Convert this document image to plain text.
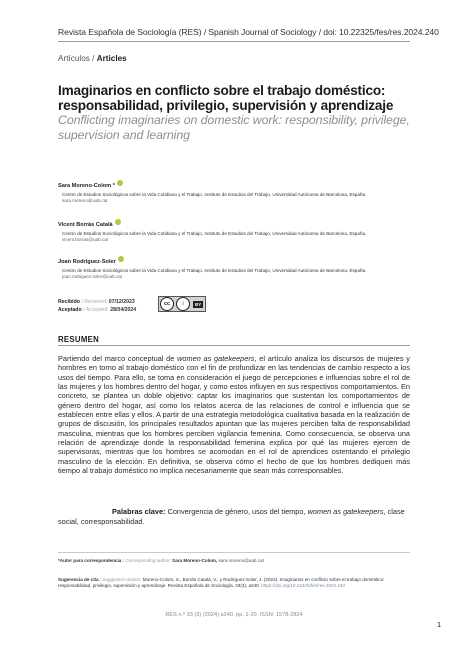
Revista Española de Sociología (RES) / Spanish Journal of Sociology / doi: 10.22325/fes/res.2024.240
Artículos / Articles
Imaginarios en conflicto sobre el trabajo doméstico: responsabilidad, privilegio, supervisión y aprendizaje
Conflicting imaginaries on domestic work: responsibility, privilege, supervision and learning
Sara Moreno-Colom *
Centro de Estudios Sociológicos sobre la Vida Cotidiana y el Trabajo, Instituto de Estudios del Trabajo, Universidad Autónoma de Barcelona, España.
sara.moreno@uab.cat
Vicent Borràs Català
Centro de Estudios Sociológicos sobre la Vida Cotidiana y el Trabajo, Instituto de Estudios del Trabajo, Universidad Autónoma de Barcelona, España.
vicent.borras@uab.cat
Joan Rodríguez-Soler
Centro de Estudios Sociológicos sobre la Vida Cotidiana y el Trabajo, Instituto de Estudios del Trabajo, Universidad Autónoma de Barcelona, España.
joan.rodriguez.soler@uab.cat
Recibido / Received: 07/12/2023
Aceptado / Accepted: 28/04/2024
cc	i	BY
RESUMEN
Partiendo del marco conceptual de women as gatekeepers, el artículo analiza los discursos de mujeres y hombres en torno al trabajo doméstico con el fin de profundizar en las tendencias de cambio respecto a los usos del tiempo. Para ello, se toma en consideración el juego de percepciones e influencias sobre el rol de las mujeres y los hombres dentro del hogar, y como estos influyen en sus respectivos comportamientos. En concreto, se plantea un doble objetivo: captar los imaginarios que sustentan los comportamientos de género dentro del hogar, así como los relatos acerca de las relaciones de control e influencia que se establecen entre ellas y ellos. A partir de una estrategia metodológica cualitativa basada en la realización de grupos de discusión, los principales resultados apuntan que las mujeres perciben falta de responsabilidad masculina, mientras que los hombres perciben vigilancia femenina. Como consecuencia, se observa una relación de aprendizaje donde la responsabilidad femenina explica por qué las mujeres ejercen de supervisoras, mientras que los hombres se acomodan en el rol de aprendices ostentando el privilegio masculino de la elección. En definitiva, se observa cómo el hecho de que los hombres dediquen más tiempo al trabajo doméstico no implica necesariamente que sean más corresponsables.
Palabras clave: Convergencia de género, usos del tiempo, women as gatekeepers, clase social, corresponsabilidad.
*Autor para correspondencia / Corresponding author: Sara Moreno-Colom, sara.moreno@uab.cat
Sugerencia de cita / Suggested citation: Moreno-Colom, S., Borràs Català, V., y Rodríguez-Soler, J. (2024). Imaginarios en conflicto sobre el trabajo doméstico: responsabilidad, privilegio, supervisión y aprendizaje. Revista Española de Sociología, 33(3), a240. https://doi.org/10.22325/fes/res.2024.240
RES n.º 33 (3) (2024) a240. pp. 1-20. ISSN: 1578-2824
1
